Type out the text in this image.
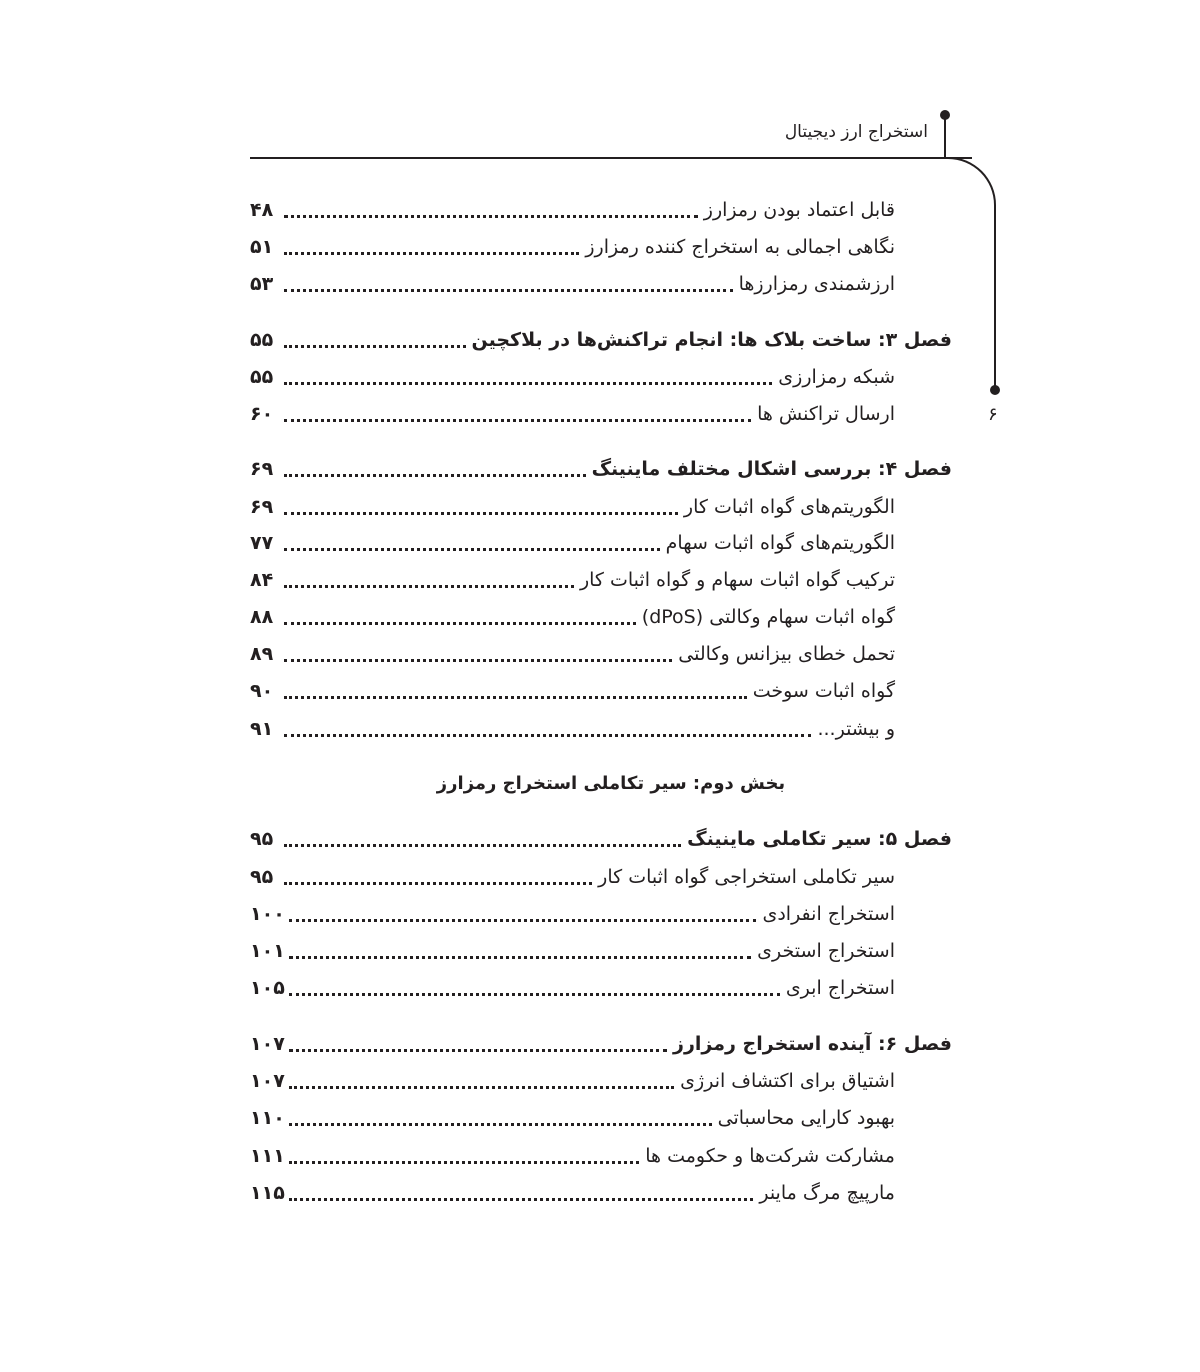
استخراج ارز دیجیتال
۶
قابل اعتماد بودن رمزارز
۴۸
نگاهی اجمالی به استخراج کننده رمزارز
۵۱
ارزشمندی رمزارزها
۵۳
فصل ۳: ساخت بلاک ها: انجام تراکنش‌ها در بلاکچین
۵۵
شبکه رمزارزی
۵۵
ارسال تراکنش ها
۶۰
فصل ۴: بررسی اشکال مختلف ماینینگ
۶۹
الگوریتم‌های گواه اثبات کار
۶۹
الگوریتم‌های گواه اثبات سهام
۷۷
ترکیب گواه اثبات سهام و گواه اثبات کار
۸۴
گواه اثبات سهام وکالتی (dPoS)
۸۸
تحمل خطای بیزانس وکالتی
۸۹
گواه اثبات سوخت
۹۰
و بیشتر...
۹۱
بخش دوم: سیر تکاملی استخراج رمزارز
فصل ۵: سیر تکاملی ماینینگ
۹۵
سیر تکاملی استخراجی گواه اثبات کار
۹۵
استخراج انفرادی
۱۰۰
استخراج استخری
۱۰۱
استخراج ابری
۱۰۵
فصل ۶: آینده استخراج رمزارز
۱۰۷
اشتیاق برای اکتشاف انرژی
۱۰۷
بهبود کارایی محاسباتی
۱۱۰
مشارکت شرکت‌ها و حکومت ها
۱۱۱
مارپیچ مرگ ماینر
۱۱۵
